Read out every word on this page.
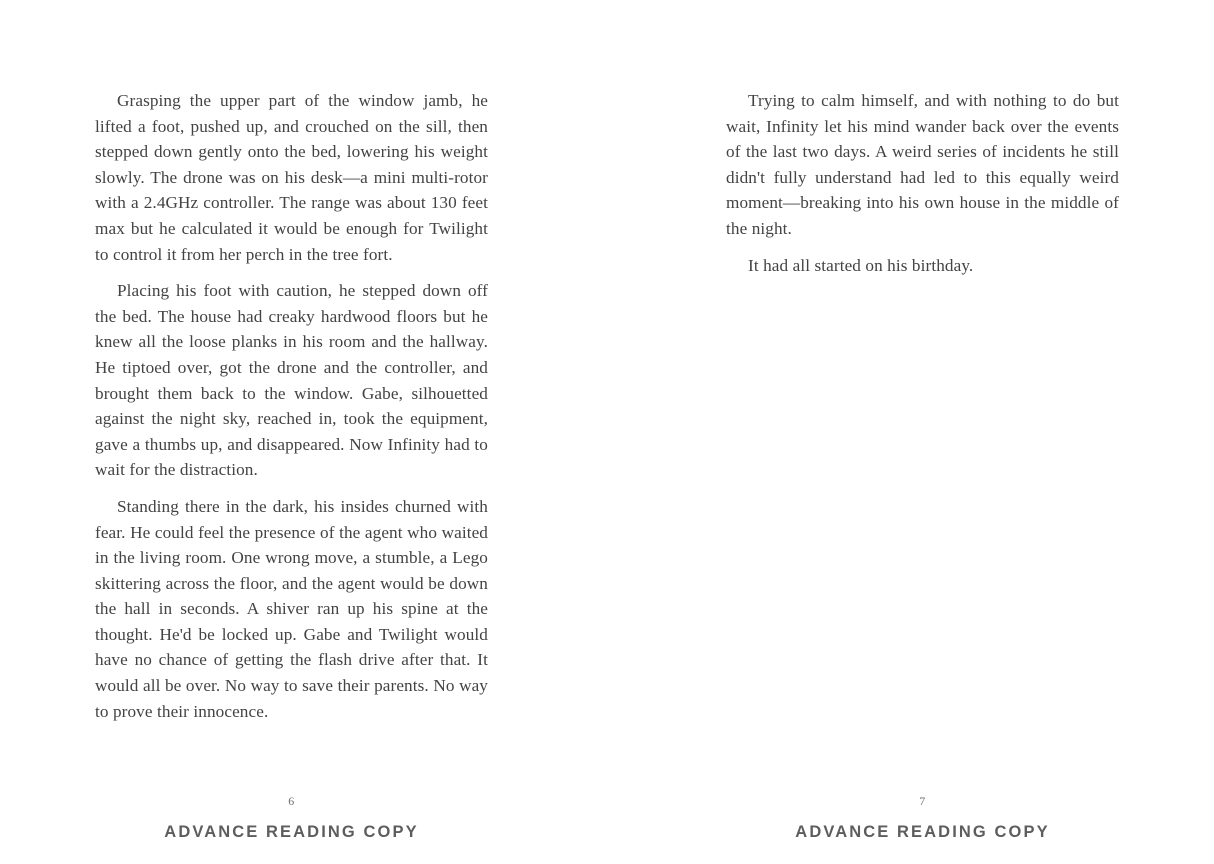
Grasping the upper part of the window jamb, he lifted a foot, pushed up, and crouched on the sill, then stepped down gently onto the bed, lowering his weight slowly. The drone was on his desk—a mini multi-rotor with a 2.4GHz controller. The range was about 130 feet max but he calculated it would be enough for Twilight to control it from her perch in the tree fort.

Placing his foot with caution, he stepped down off the bed. The house had creaky hardwood floors but he knew all the loose planks in his room and the hallway. He tiptoed over, got the drone and the controller, and brought them back to the window. Gabe, silhouetted against the night sky, reached in, took the equipment, gave a thumbs up, and disappeared. Now Infinity had to wait for the distraction.

Standing there in the dark, his insides churned with fear. He could feel the presence of the agent who waited in the living room. One wrong move, a stumble, a Lego skittering across the floor, and the agent would be down the hall in seconds. A shiver ran up his spine at the thought. He'd be locked up. Gabe and Twilight would have no chance of getting the flash drive after that. It would all be over. No way to save their parents. No way to prove their innocence.

6
ADVANCE READING COPY

Trying to calm himself, and with nothing to do but wait, Infinity let his mind wander back over the events of the last two days. A weird series of incidents he still didn't fully understand had led to this equally weird moment—breaking into his own house in the middle of the night.

It had all started on his birthday.

7
ADVANCE READING COPY
